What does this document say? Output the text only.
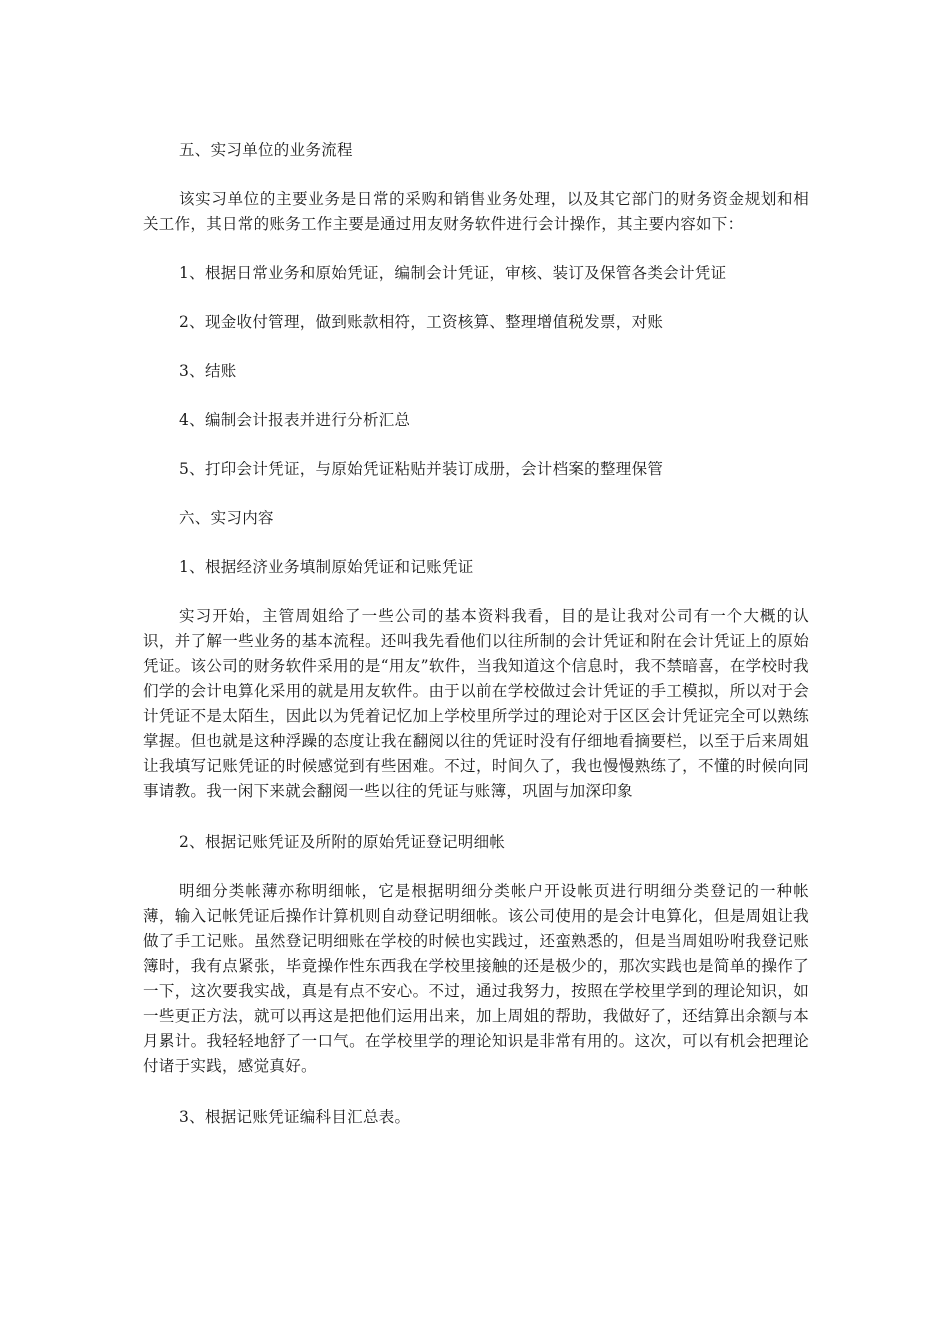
五、实习单位的业务流程

该实习单位的主要业务是日常的采购和销售业务处理，以及其它部门的财务资金规划和相关工作，其日常的账务工作主要是通过用友财务软件进行会计操作，其主要内容如下：

1、根据日常业务和原始凭证，编制会计凭证，审核、装订及保管各类会计凭证

2、现金收付管理，做到账款相符，工资核算、整理增值税发票，对账

3、结账

4、编制会计报表并进行分析汇总

5、打印会计凭证，与原始凭证粘贴并装订成册，会计档案的整理保管

六、实习内容

1、根据经济业务填制原始凭证和记账凭证

实习开始，主管周姐给了一些公司的基本资料我看，目的是让我对公司有一个大概的认识，并了解一些业务的基本流程。还叫我先看他们以往所制的会计凭证和附在会计凭证上的原始凭证。该公司的财务软件采用的是“用友”软件，当我知道这个信息时，我不禁暗喜，在学校时我们学的会计电算化采用的就是用友软件。由于以前在学校做过会计凭证的手工模拟，所以对于会计凭证不是太陌生，因此以为凭着记忆加上学校里所学过的理论对于区区会计凭证完全可以熟练掌握。但也就是这种浮躁的态度让我在翻阅以往的凭证时没有仔细地看摘要栏，以至于后来周姐让我填写记账凭证的时候感觉到有些困难。不过，时间久了，我也慢慢熟练了，不懂的时候向同事请教。我一闲下来就会翻阅一些以往的凭证与账簿，巩固与加深印象

2、根据记账凭证及所附的原始凭证登记明细帐

明细分类帐薄亦称明细帐，它是根据明细分类帐户开设帐页进行明细分类登记的一种帐薄，输入记帐凭证后操作计算机则自动登记明细帐。该公司使用的是会计电算化，但是周姐让我做了手工记账。虽然登记明细账在学校的时候也实践过，还蛮熟悉的，但是当周姐吩咐我登记账簿时，我有点紧张，毕竟操作性东西我在学校里接触的还是极少的，那次实践也是简单的操作了一下，这次要我实战，真是有点不安心。不过，通过我努力，按照在学校里学到的理论知识，如一些更正方法，就可以再这是把他们运用出来，加上周姐的帮助，我做好了，还结算出余额与本月累计。我轻轻地舒了一口气。在学校里学的理论知识是非常有用的。这次，可以有机会把理论付诸于实践，感觉真好。

3、根据记账凭证编科目汇总表。
